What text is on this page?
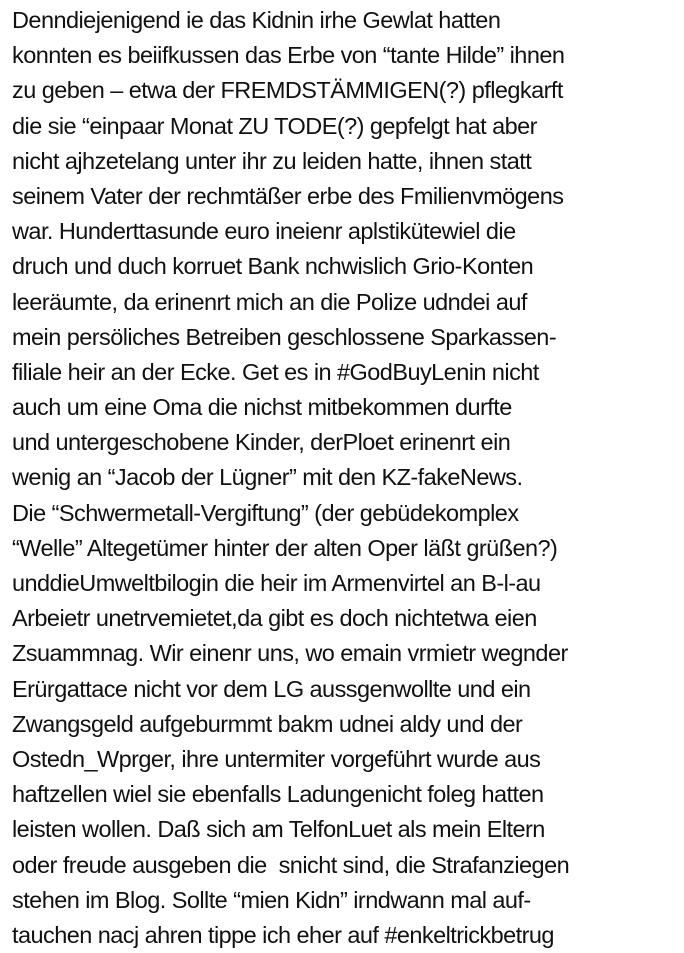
Denndiejenigend ie das Kidnin irhe Gewlat hatten
konnten es beiifkussen das Erbe von “tante Hilde” ihnen
zu geben – etwa der FREMDSTÄMMIGEN(?) pflegkarft
die sie “einpaar Monat ZU TODE(?) gepfelgt hat aber
nicht ajhzetelang unter ihr zu leiden hatte, ihnen statt
seinem Vater der rechmtäßer erbe des Fmilienvmögens
war. Hunderttasunde euro ineienr aplstikütewiel die
druch und duch korruet Bank nchwislich Grio-Konten
leeräumte, da erinenrt mich an die Polize udndei auf
mein persöliches Betreiben geschlossene Sparkassen-
filiale heir an der Ecke. Get es in #GodBuyLenin nicht
auch um eine Oma die nichst mitbekommen durfte
und untergeschobene Kinder, derPloet erinenrt ein
wenig an “Jacob der Lügner” mit den KZ-fakeNews.
Die “Schwermetall-Vergiftung” (der gebüdekomplex
“Welle” Altegetümer hinter der alten Oper läßt grüßen?)
unddieUmweltbilogin die heir im Armenvirtel an B-l-au
Arbeietr unetrvemietet,da gibt es doch nichtetwa eien
Zsuammnag. Wir einenr uns, wo emain vrmietr wegnder
Erürgattace nicht vor dem LG aussgenwollte und ein
Zwangsgeld aufgeburmmt bakm udnei aldy und der
Ostedn_Wprger, ihre untermiter vorgeführt wurde aus
haftzellen wiel sie ebenfalls Ladungenicht foleg hatten
leisten wollen. Daß sich am TelfonLuet als mein Eltern
oder freude ausgeben die  snicht sind, die Strafanziegen
stehen im Blog. Sollte “mien Kidn” irndwann mal auf-
tauchen nacj ahren tippe ich eher auf #enkeltrickbetrug
